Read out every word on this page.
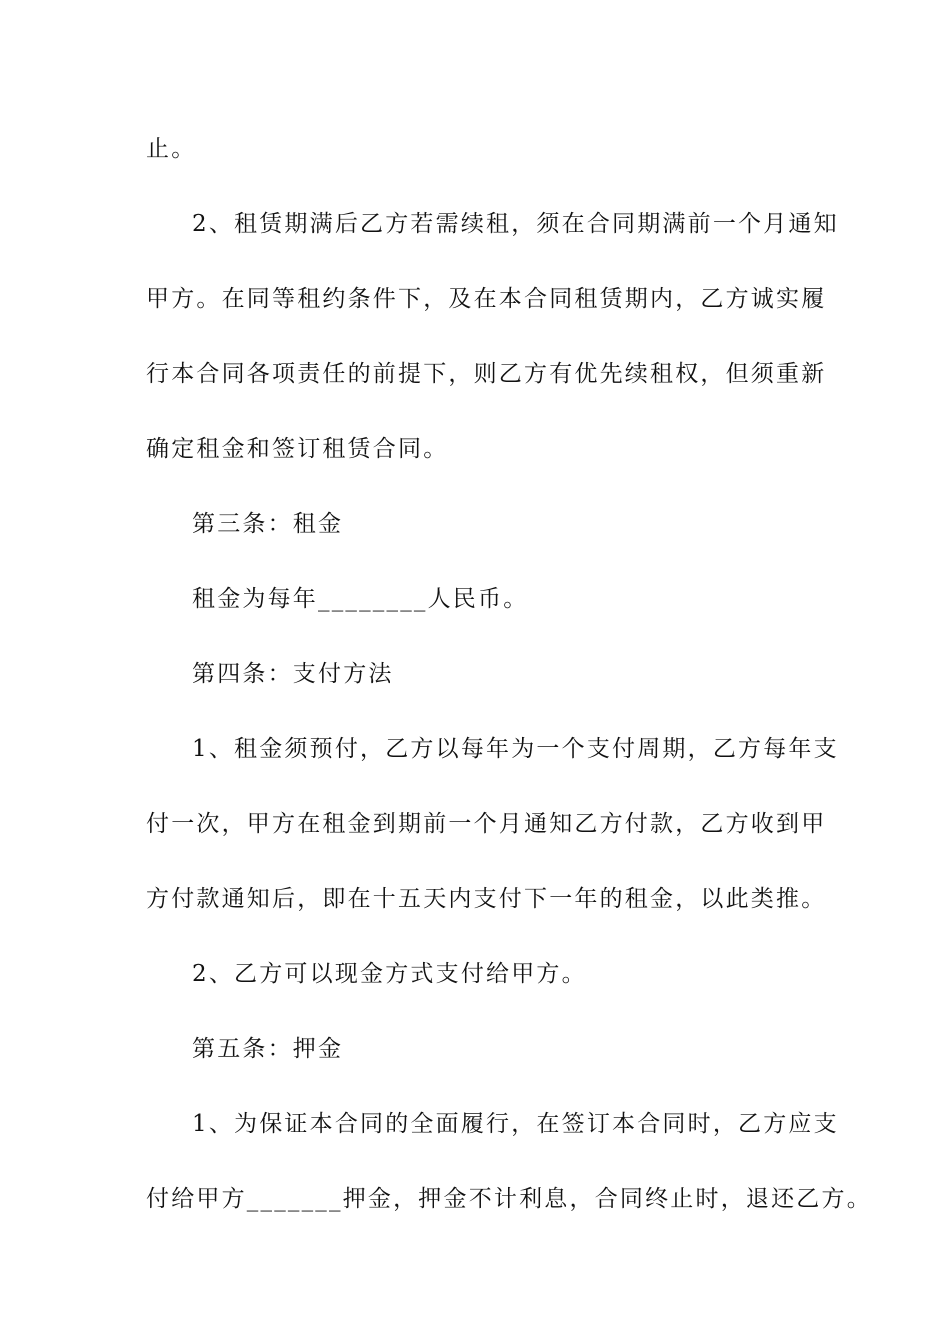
止。
2、租赁期满后乙方若需续租，须在合同期满前一个月通知
甲方。在同等租约条件下，及在本合同租赁期内，乙方诚实履
行本合同各项责任的前提下，则乙方有优先续租权，但须重新
确定租金和签订租赁合同。
第三条：租金
租金为每年________人民币。
第四条：支付方法
1、租金须预付，乙方以每年为一个支付周期，乙方每年支
付一次，甲方在租金到期前一个月通知乙方付款，乙方收到甲
方付款通知后，即在十五天内支付下一年的租金，以此类推。
2、乙方可以现金方式支付给甲方。
第五条：押金
1、为保证本合同的全面履行，在签订本合同时，乙方应支
付给甲方_______押金，押金不计利息，合同终止时，退还乙方。
